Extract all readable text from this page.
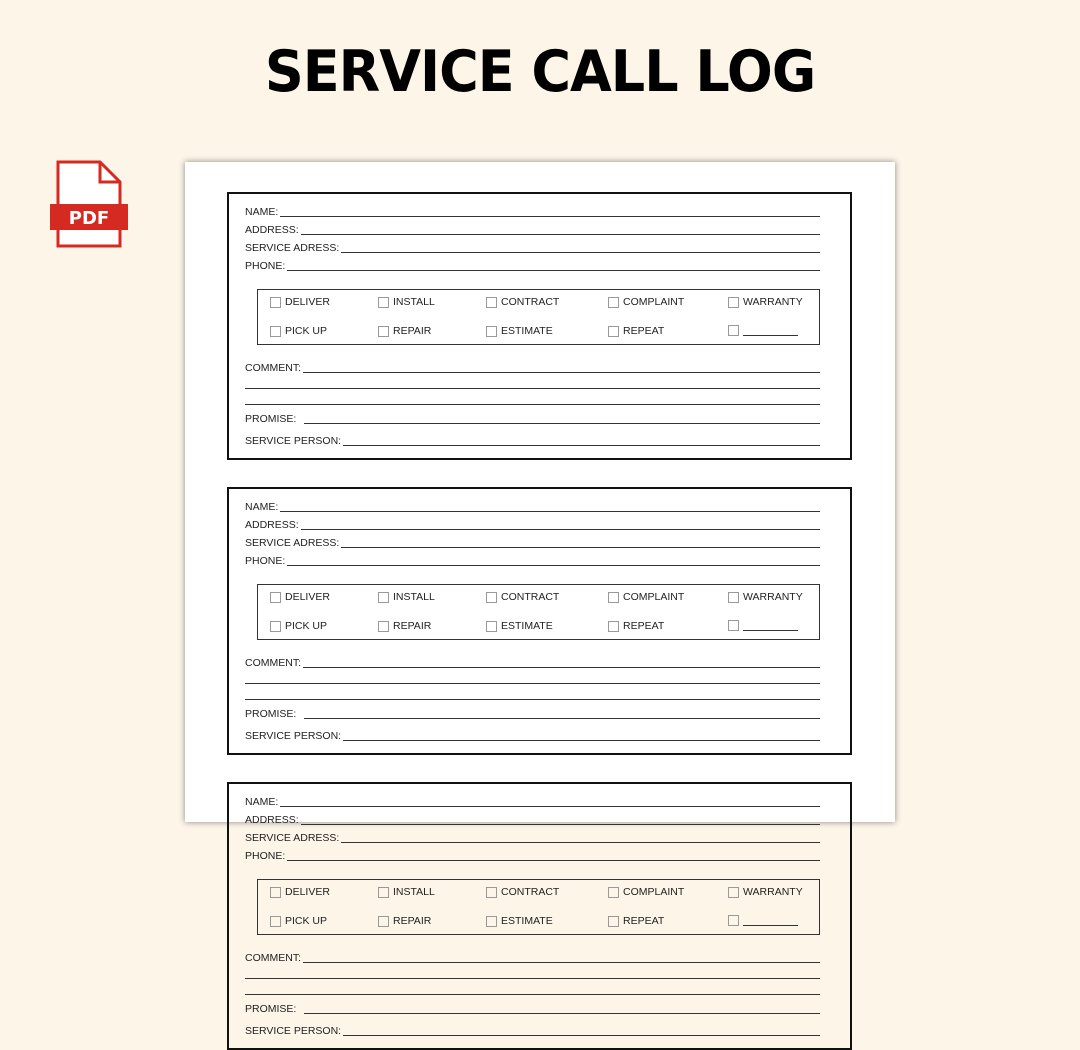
SERVICE CALL LOG
PDF	NAME:
ADDRESS:
SERVICE ADRESS:
PHONE:
DELIVER	INSTALL	CONTRACT	COMPLAINT	WARRANTY
PICK UP	REPAIR	ESTIMATE	REPEAT
COMMENT:
PROMISE:
SERVICE PERSON:
NAME:
ADDRESS:
SERVICE ADRESS:
PHONE:
DELIVER	INSTALL	CONTRACT	COMPLAINT	WARRANTY
PICK UP	REPAIR	ESTIMATE	REPEAT
COMMENT:
PROMISE:
SERVICE PERSON:
NAME:
ADDRESS:
SERVICE ADRESS:
PHONE:
DELIVER	INSTALL	CONTRACT	COMPLAINT	WARRANTY
PICK UP	REPAIR	ESTIMATE	REPEAT
COMMENT:
PROMISE:
SERVICE PERSON:
